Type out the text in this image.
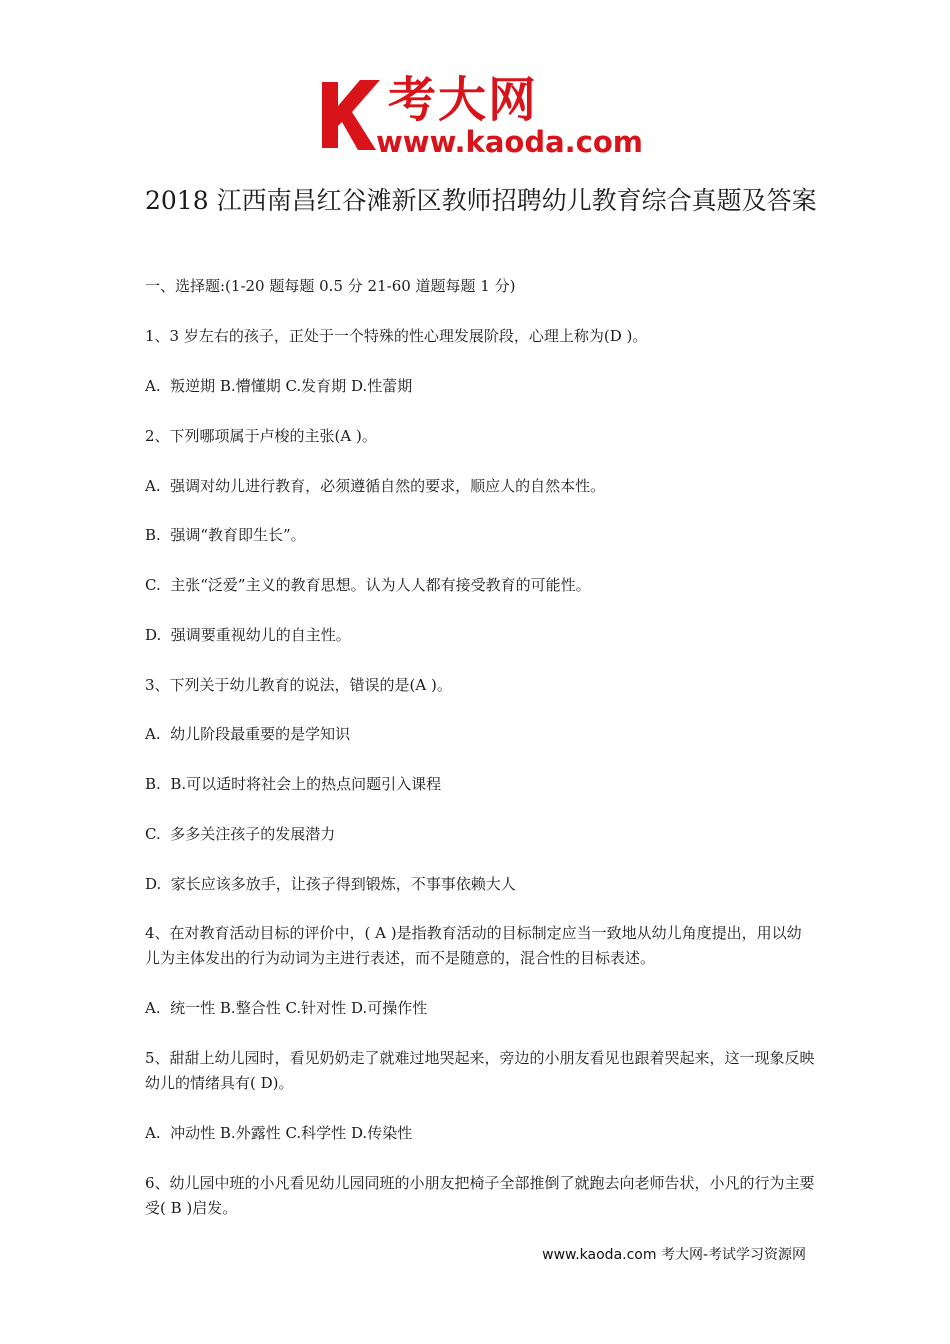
考大网
www.kaoda.com
2018 江西南昌红谷滩新区教师招聘幼儿教育综合真题及答案

一、选择题:(1-20 题每题 0.5 分 21-60 道题每题 1 分)

1、3 岁左右的孩子，正处于一个特殊的性心理发展阶段，心理上称为(D )。

A.  叛逆期 B.懵懂期 C.发育期 D.性蕾期

2、下列哪项属于卢梭的主张(A )。

A.  强调对幼儿进行教育，必须遵循自然的要求，顺应人的自然本性。

B.  强调“教育即生长”。

C.  主张“泛爱”主义的教育思想。认为人人都有接受教育的可能性。

D.  强调要重视幼儿的自主性。

3、下列关于幼儿教育的说法，错误的是(A )。

A.  幼儿阶段最重要的是学知识

B.  B.可以适时将社会上的热点问题引入课程

C.  多多关注孩子的发展潜力

D.  家长应该多放手，让孩子得到锻炼，不事事依赖大人

4、在对教育活动目标的评价中，( A )是指教育活动的目标制定应当一致地从幼儿角度提出，用以幼儿为主体发出的行为动词为主进行表述，而不是随意的，混合性的目标表述。

A.  统一性 B.整合性 C.针对性 D.可操作性

5、甜甜上幼儿园时，看见奶奶走了就难过地哭起来，旁边的小朋友看见也跟着哭起来，这一现象反映幼儿的情绪具有( D)。

A.  冲动性 B.外露性 C.科学性 D.传染性

6、幼儿园中班的小凡看见幼儿园同班的小朋友把椅子全部推倒了就跑去向老师告状，小凡的行为主要受( B )启发。

www.kaoda.com 考大网-考试学习资源网
